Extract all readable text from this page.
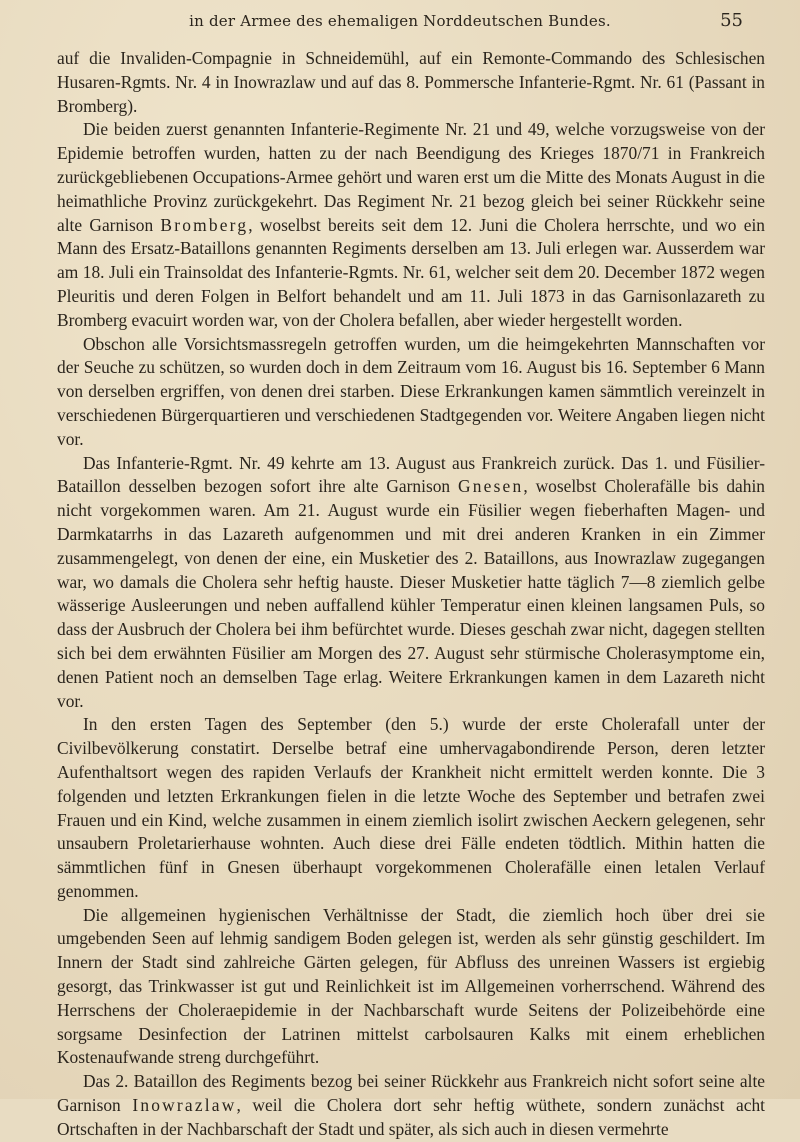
in der Armee des ehemaligen Norddeutschen Bundes.	55

auf die Invaliden-Compagnie in Schneidemühl, auf ein Remonte-Commando des Schlesischen Husaren-Rgmts. Nr. 4 in Inowrazlaw und auf das 8. Pommersche Infanterie-Rgmt. Nr. 61 (Passant in Bromberg).

Die beiden zuerst genannten Infanterie-Regimente Nr. 21 und 49, welche vorzugsweise von der Epidemie betroffen wurden, hatten zu der nach Beendigung des Krieges 1870/71 in Frankreich zurückgebliebenen Occupations-Armee gehört und waren erst um die Mitte des Monats August in die heimathliche Provinz zurückgekehrt. Das Regiment Nr. 21 bezog gleich bei seiner Rückkehr seine alte Garnison Bromberg, woselbst bereits seit dem 12. Juni die Cholera herrschte, und wo ein Mann des Ersatz-Bataillons genannten Regiments derselben am 13. Juli erlegen war. Ausserdem war am 18. Juli ein Trainsoldat des Infanterie-Rgmts. Nr. 61, welcher seit dem 20. December 1872 wegen Pleuritis und deren Folgen in Belfort behandelt und am 11. Juli 1873 in das Garnisonlazareth zu Bromberg evacuirt worden war, von der Cholera befallen, aber wieder hergestellt worden.

Obschon alle Vorsichtsmassregeln getroffen wurden, um die heimgekehrten Mannschaften vor der Seuche zu schützen, so wurden doch in dem Zeitraum vom 16. August bis 16. September 6 Mann von derselben ergriffen, von denen drei starben. Diese Erkrankungen kamen sämmtlich vereinzelt in verschiedenen Bürgerquartieren und verschiedenen Stadtgegenden vor. Weitere Angaben liegen nicht vor.

Das Infanterie-Rgmt. Nr. 49 kehrte am 13. August aus Frankreich zurück. Das 1. und Füsilier-Bataillon desselben bezogen sofort ihre alte Garnison Gnesen, woselbst Cholerafälle bis dahin nicht vorgekommen waren. Am 21. August wurde ein Füsilier wegen fieberhaften Magen- und Darmkatarrhs in das Lazareth aufgenommen und mit drei anderen Kranken in ein Zimmer zusammengelegt, von denen der eine, ein Musketier des 2. Bataillons, aus Inowrazlaw zugegangen war, wo damals die Cholera sehr heftig hauste. Dieser Musketier hatte täglich 7—8 ziemlich gelbe wässerige Ausleerungen und neben auffallend kühler Temperatur einen kleinen langsamen Puls, so dass der Ausbruch der Cholera bei ihm befürchtet wurde. Dieses geschah zwar nicht, dagegen stellten sich bei dem erwähnten Füsilier am Morgen des 27. August sehr stürmische Cholerasymptome ein, denen Patient noch an demselben Tage erlag. Weitere Erkrankungen kamen in dem Lazareth nicht vor.

In den ersten Tagen des September (den 5.) wurde der erste Cholerafall unter der Civilbevölkerung constatirt. Derselbe betraf eine umhervagabondirende Person, deren letzter Aufenthaltsort wegen des rapiden Verlaufs der Krankheit nicht ermittelt werden konnte. Die 3 folgenden und letzten Erkrankungen fielen in die letzte Woche des September und betrafen zwei Frauen und ein Kind, welche zusammen in einem ziemlich isolirt zwischen Aeckern gelegenen, sehr unsaubern Proletarierhause wohnten. Auch diese drei Fälle endeten tödtlich. Mithin hatten die sämmtlichen fünf in Gnesen überhaupt vorgekommenen Cholerafälle einen letalen Verlauf genommen.

Die allgemeinen hygienischen Verhältnisse der Stadt, die ziemlich hoch über drei sie umgebenden Seen auf lehmig sandigem Boden gelegen ist, werden als sehr günstig geschildert. Im Innern der Stadt sind zahlreiche Gärten gelegen, für Abfluss des unreinen Wassers ist ergiebig gesorgt, das Trinkwasser ist gut und Reinlichkeit ist im Allgemeinen vorherrschend. Während des Herrschens der Choleraepidemie in der Nachbarschaft wurde Seitens der Polizeibehörde eine sorgsame Desinfection der Latrinen mittelst carbolsauren Kalks mit einem erheblichen Kostenaufwande streng durchgeführt.

Das 2. Bataillon des Regiments bezog bei seiner Rückkehr aus Frankreich nicht sofort seine alte Garnison Inowrazlaw, weil die Cholera dort sehr heftig wüthete, sondern zunächst acht Ortschaften in der Nachbarschaft der Stadt und später, als sich auch in diesen vermehrte
